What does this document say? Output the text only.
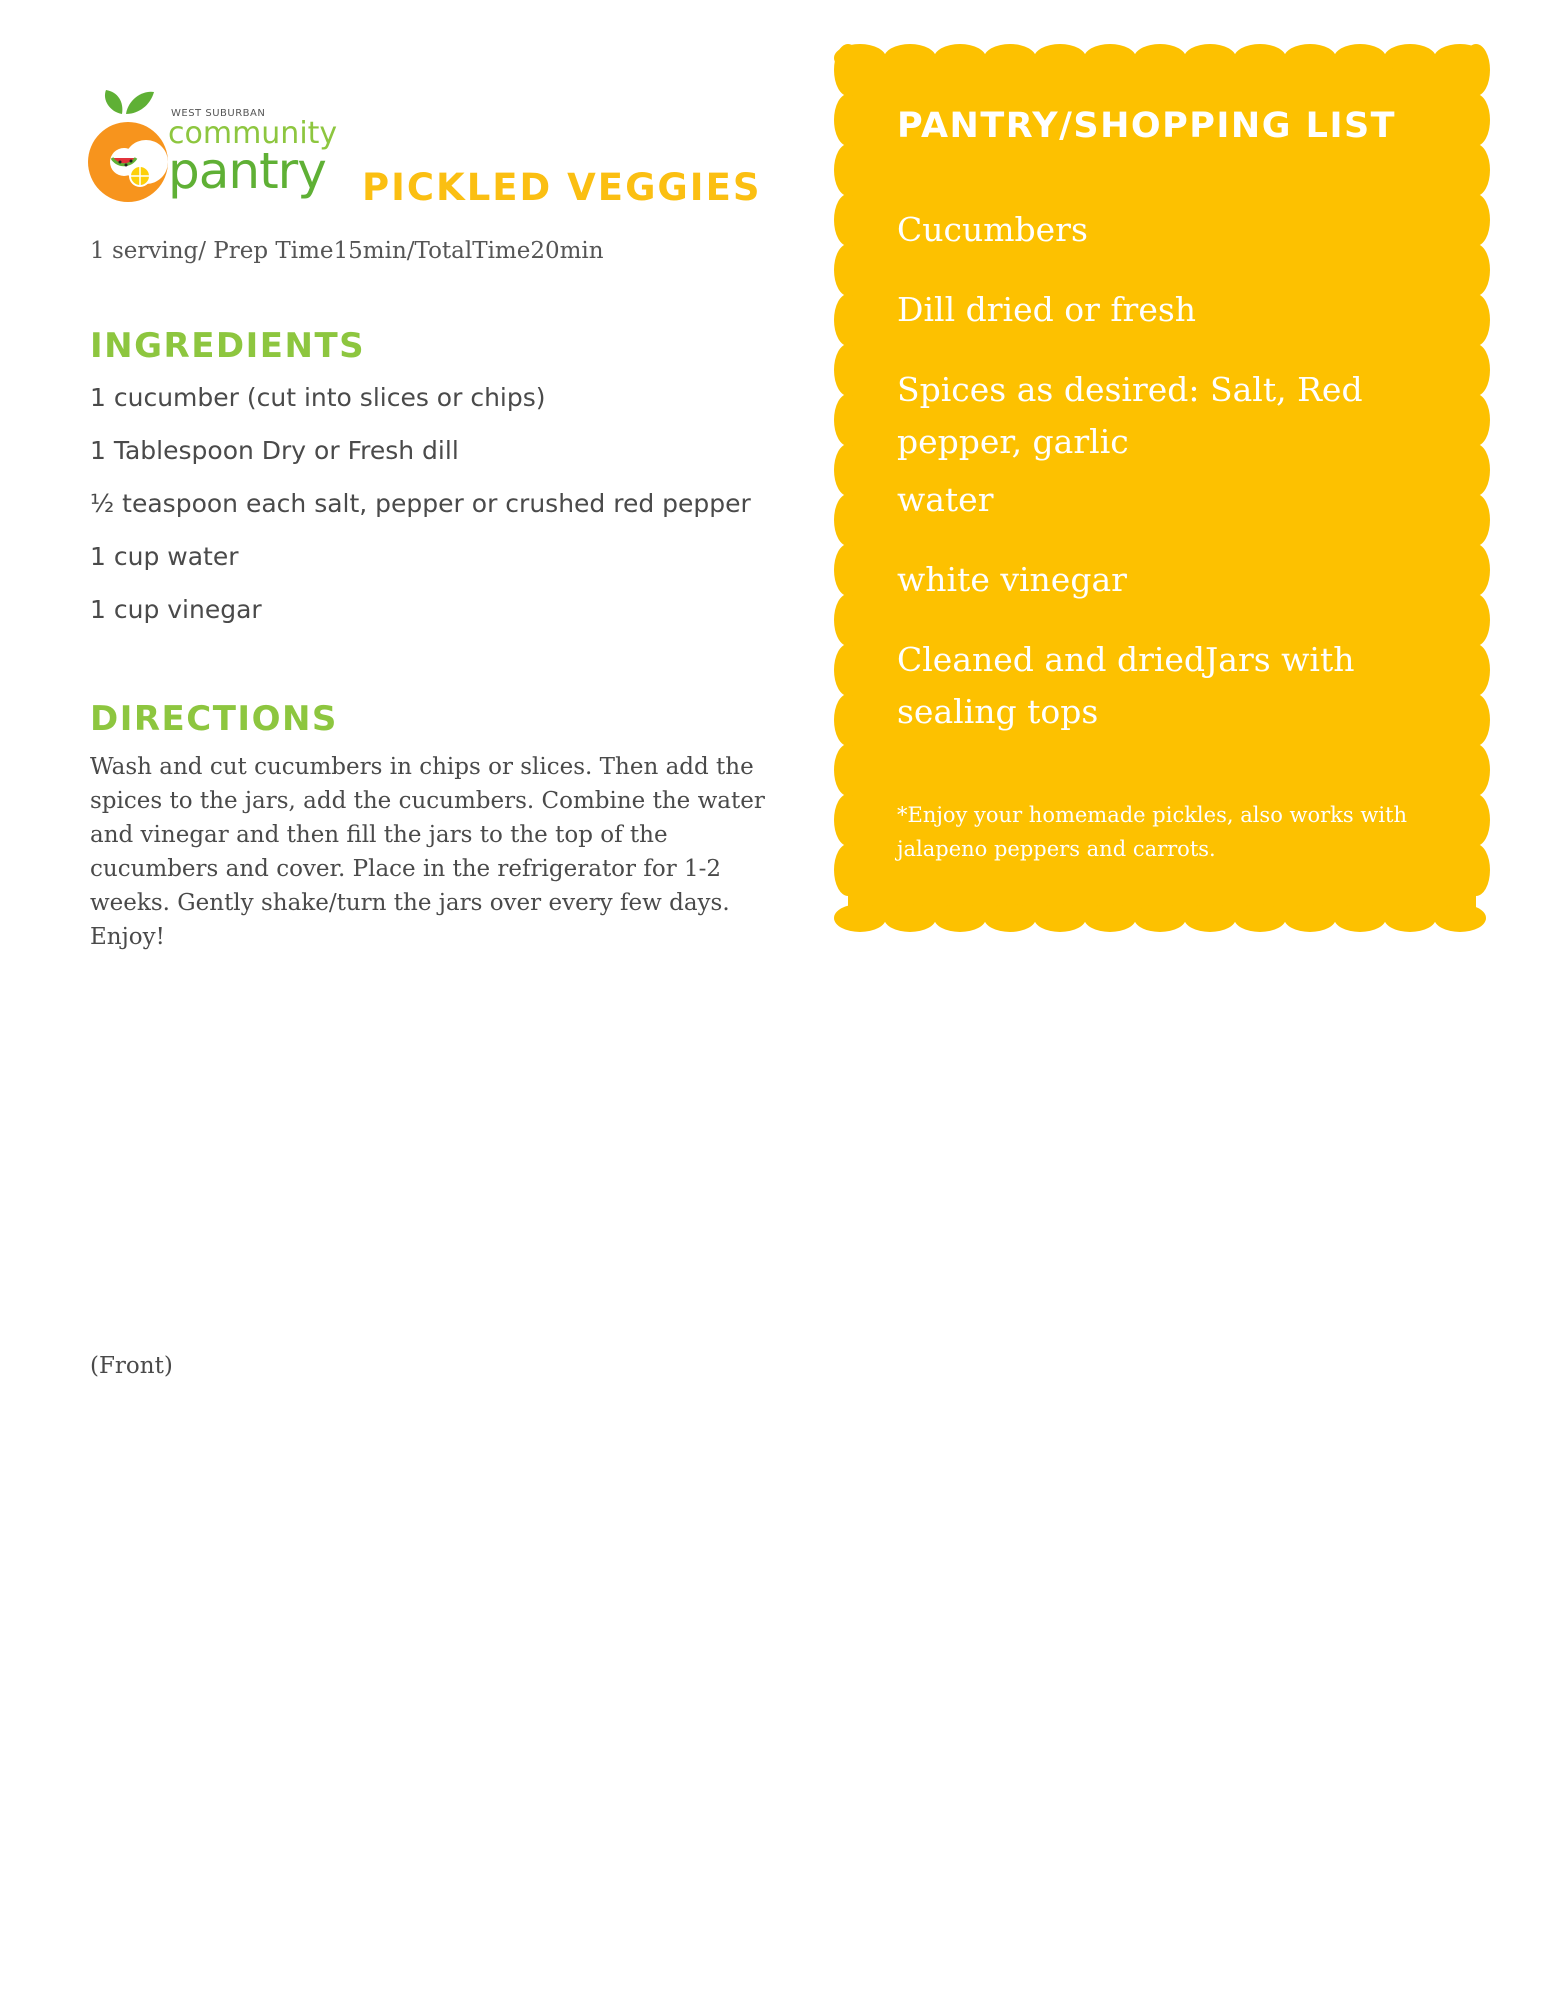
WEST SUBURBAN
community
pantry PICKLED VEGGIES
1 serving/ Prep Time15min/TotalTime20min
INGREDIENTS
1 cucumber (cut into slices or chips)
1 Tablespoon Dry or Fresh dill
½ teaspoon each salt, pepper or crushed red pepper
1 cup water
1 cup vinegar
DIRECTIONS
Wash and cut cucumbers in chips or slices. Then add the spices to the jars, add the cucumbers. Combine the water and vinegar and then fill the jars to the top of the cucumbers and cover. Place in the refrigerator for 1-2 weeks. Gently shake/turn the jars over every few days. Enjoy!
(Front)
PANTRY/SHOPPING LIST
Cucumbers
Dill dried or fresh
Spices as desired: Salt, Red pepper, garlic
water
white vinegar
Cleaned and driedJars with sealing tops
*Enjoy your homemade pickles, also works with jalapeno peppers and carrots.
